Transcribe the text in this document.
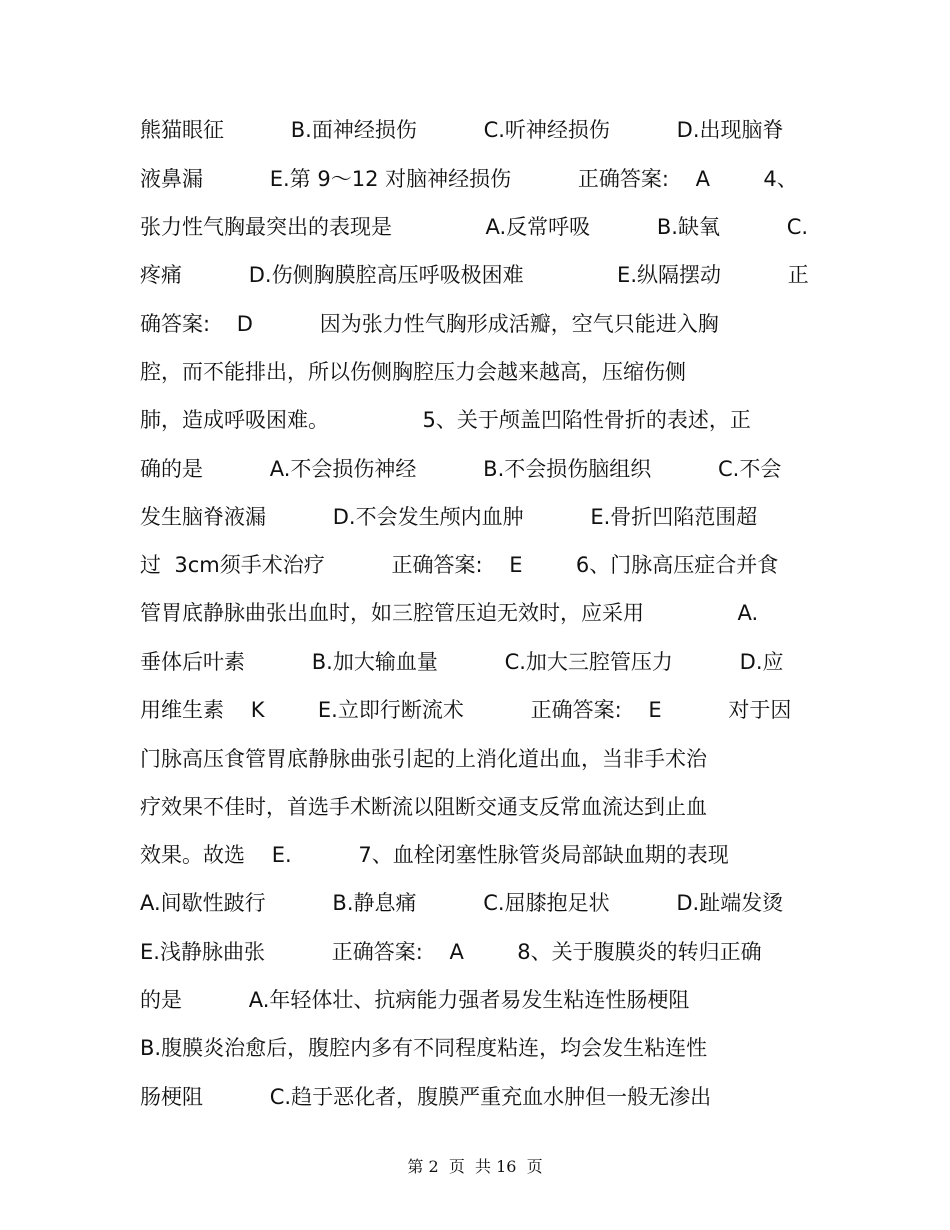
熊猫眼征          B.面神经损伤          C.听神经损伤          D.出现脑脊
液鼻漏          E.第 9～12 对脑神经损伤          正确答案:    A        4、
张力性气胸最突出的表现是              A.反常呼吸          B.缺氧          C.
疼痛          D.伤侧胸膜腔高压呼吸极困难              E.纵隔摆动          正
确答案:    D          因为张力性气胸形成活瓣，空气只能进入胸
腔，而不能排出，所以伤侧胸腔压力会越来越高，压缩伤侧
肺，造成呼吸困难。              5、关于颅盖凹陷性骨折的表述，正
确的是          A.不会损伤神经          B.不会损伤脑组织          C.不会
发生脑脊液漏          D.不会发生颅内血肿          E.骨折凹陷范围超
过  3cm须手术治疗          正确答案:    E        6、门脉高压症合并食
管胃底静脉曲张出血时，如三腔管压迫无效时，应采用              A.
垂体后叶素          B.加大输血量          C.加大三腔管压力          D.应
用维生素    K        E.立即行断流术          正确答案:    E          对于因
门脉高压食管胃底静脉曲张引起的上消化道出血，当非手术治
疗效果不佳时，首选手术断流以阻断交通支反常血流达到止血
效果。故选    E.          7、血栓闭塞性脉管炎局部缺血期的表现
A.间歇性跛行          B.静息痛          C.屈膝抱足状          D.趾端发烫
E.浅静脉曲张          正确答案:    A        8、关于腹膜炎的转归正确
的是          A.年轻体壮、抗病能力强者易发生粘连性肠梗阻
B.腹膜炎治愈后，腹腔内多有不同程度粘连，均会发生粘连性
肠梗阻          C.趋于恶化者，腹膜严重充血水肿但一般无渗出
第 2  页  共 16  页
